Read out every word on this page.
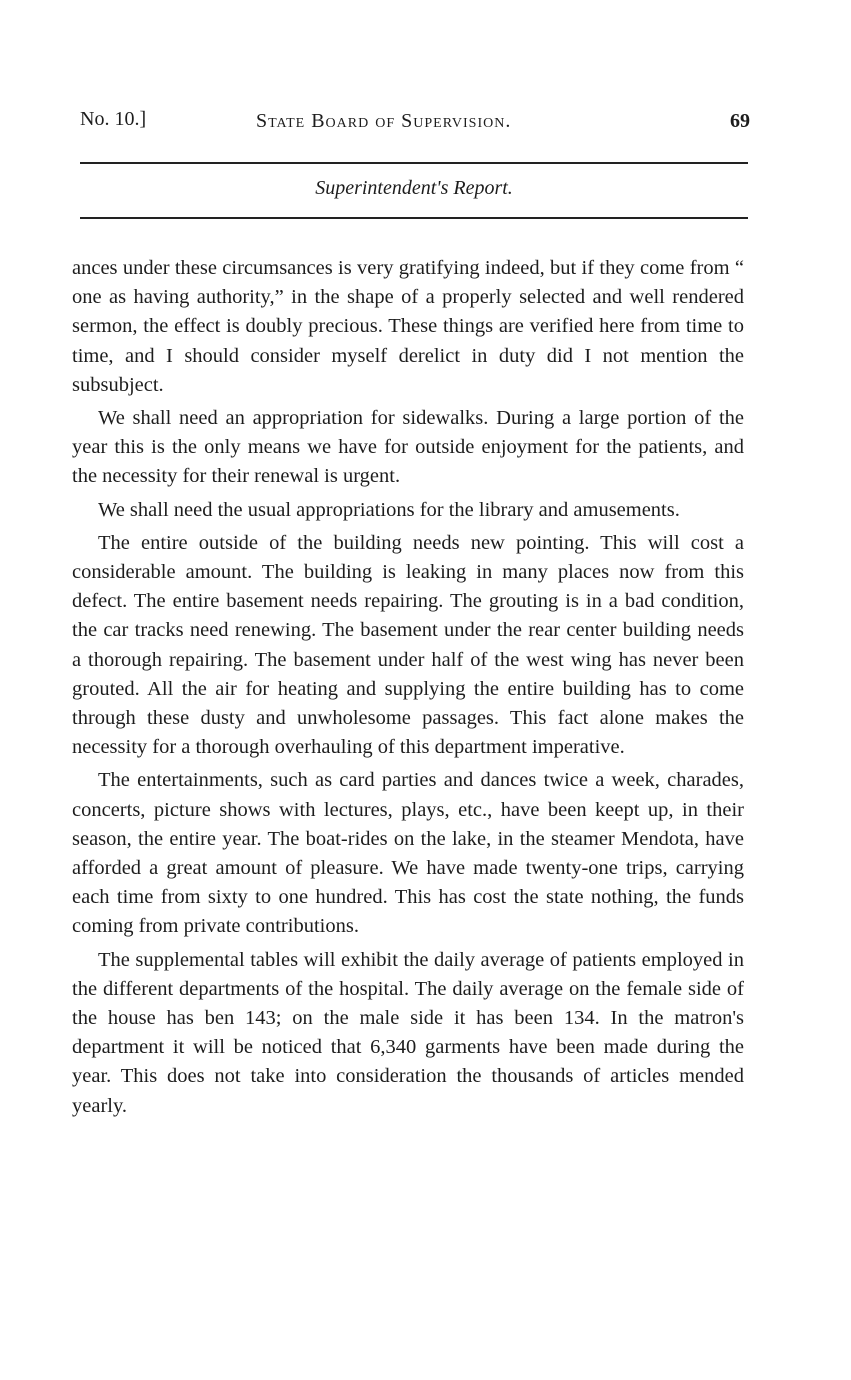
No. 10.]	State Board of Supervision.	69
Superintendent's Report.

ances under these circumsances is very gratifying indeed, but if they come from “ one as having authority,” in the shape of a properly selected and well rendered sermon, the effect is doubly precious. These things are verified here from time to time, and I should consider myself derelict in duty did I not mention the subsubject.

We shall need an appropriation for sidewalks. During a large portion of the year this is the only means we have for outside enjoyment for the patients, and the necessity for their renewal is urgent.

We shall need the usual appropriations for the library and amusements.

The entire outside of the building needs new pointing. This will cost a considerable amount. The building is leaking in many places now from this defect. The entire basement needs repairing. The grouting is in a bad condition, the car tracks need renewing. The basement under the rear center building needs a thorough repairing. The basement under half of the west wing has never been grouted. All the air for heating and supplying the entire building has to come through these dusty and unwholesome passages. This fact alone makes the necessity for a thorough overhauling of this department imperative.

The entertainments, such as card parties and dances twice a week, charades, concerts, picture shows with lectures, plays, etc., have been keept up, in their season, the entire year. The boat-rides on the lake, in the steamer Mendota, have afforded a great amount of pleasure. We have made twenty-one trips, carrying each time from sixty to one hundred. This has cost the state nothing, the funds coming from private contributions.

The supplemental tables will exhibit the daily average of patients employed in the different departments of the hospital. The daily average on the female side of the house has ben 143; on the male side it has been 134. In the matron's department it will be noticed that 6,340 garments have been made during the year. This does not take into consideration the thousands of articles mended yearly.
